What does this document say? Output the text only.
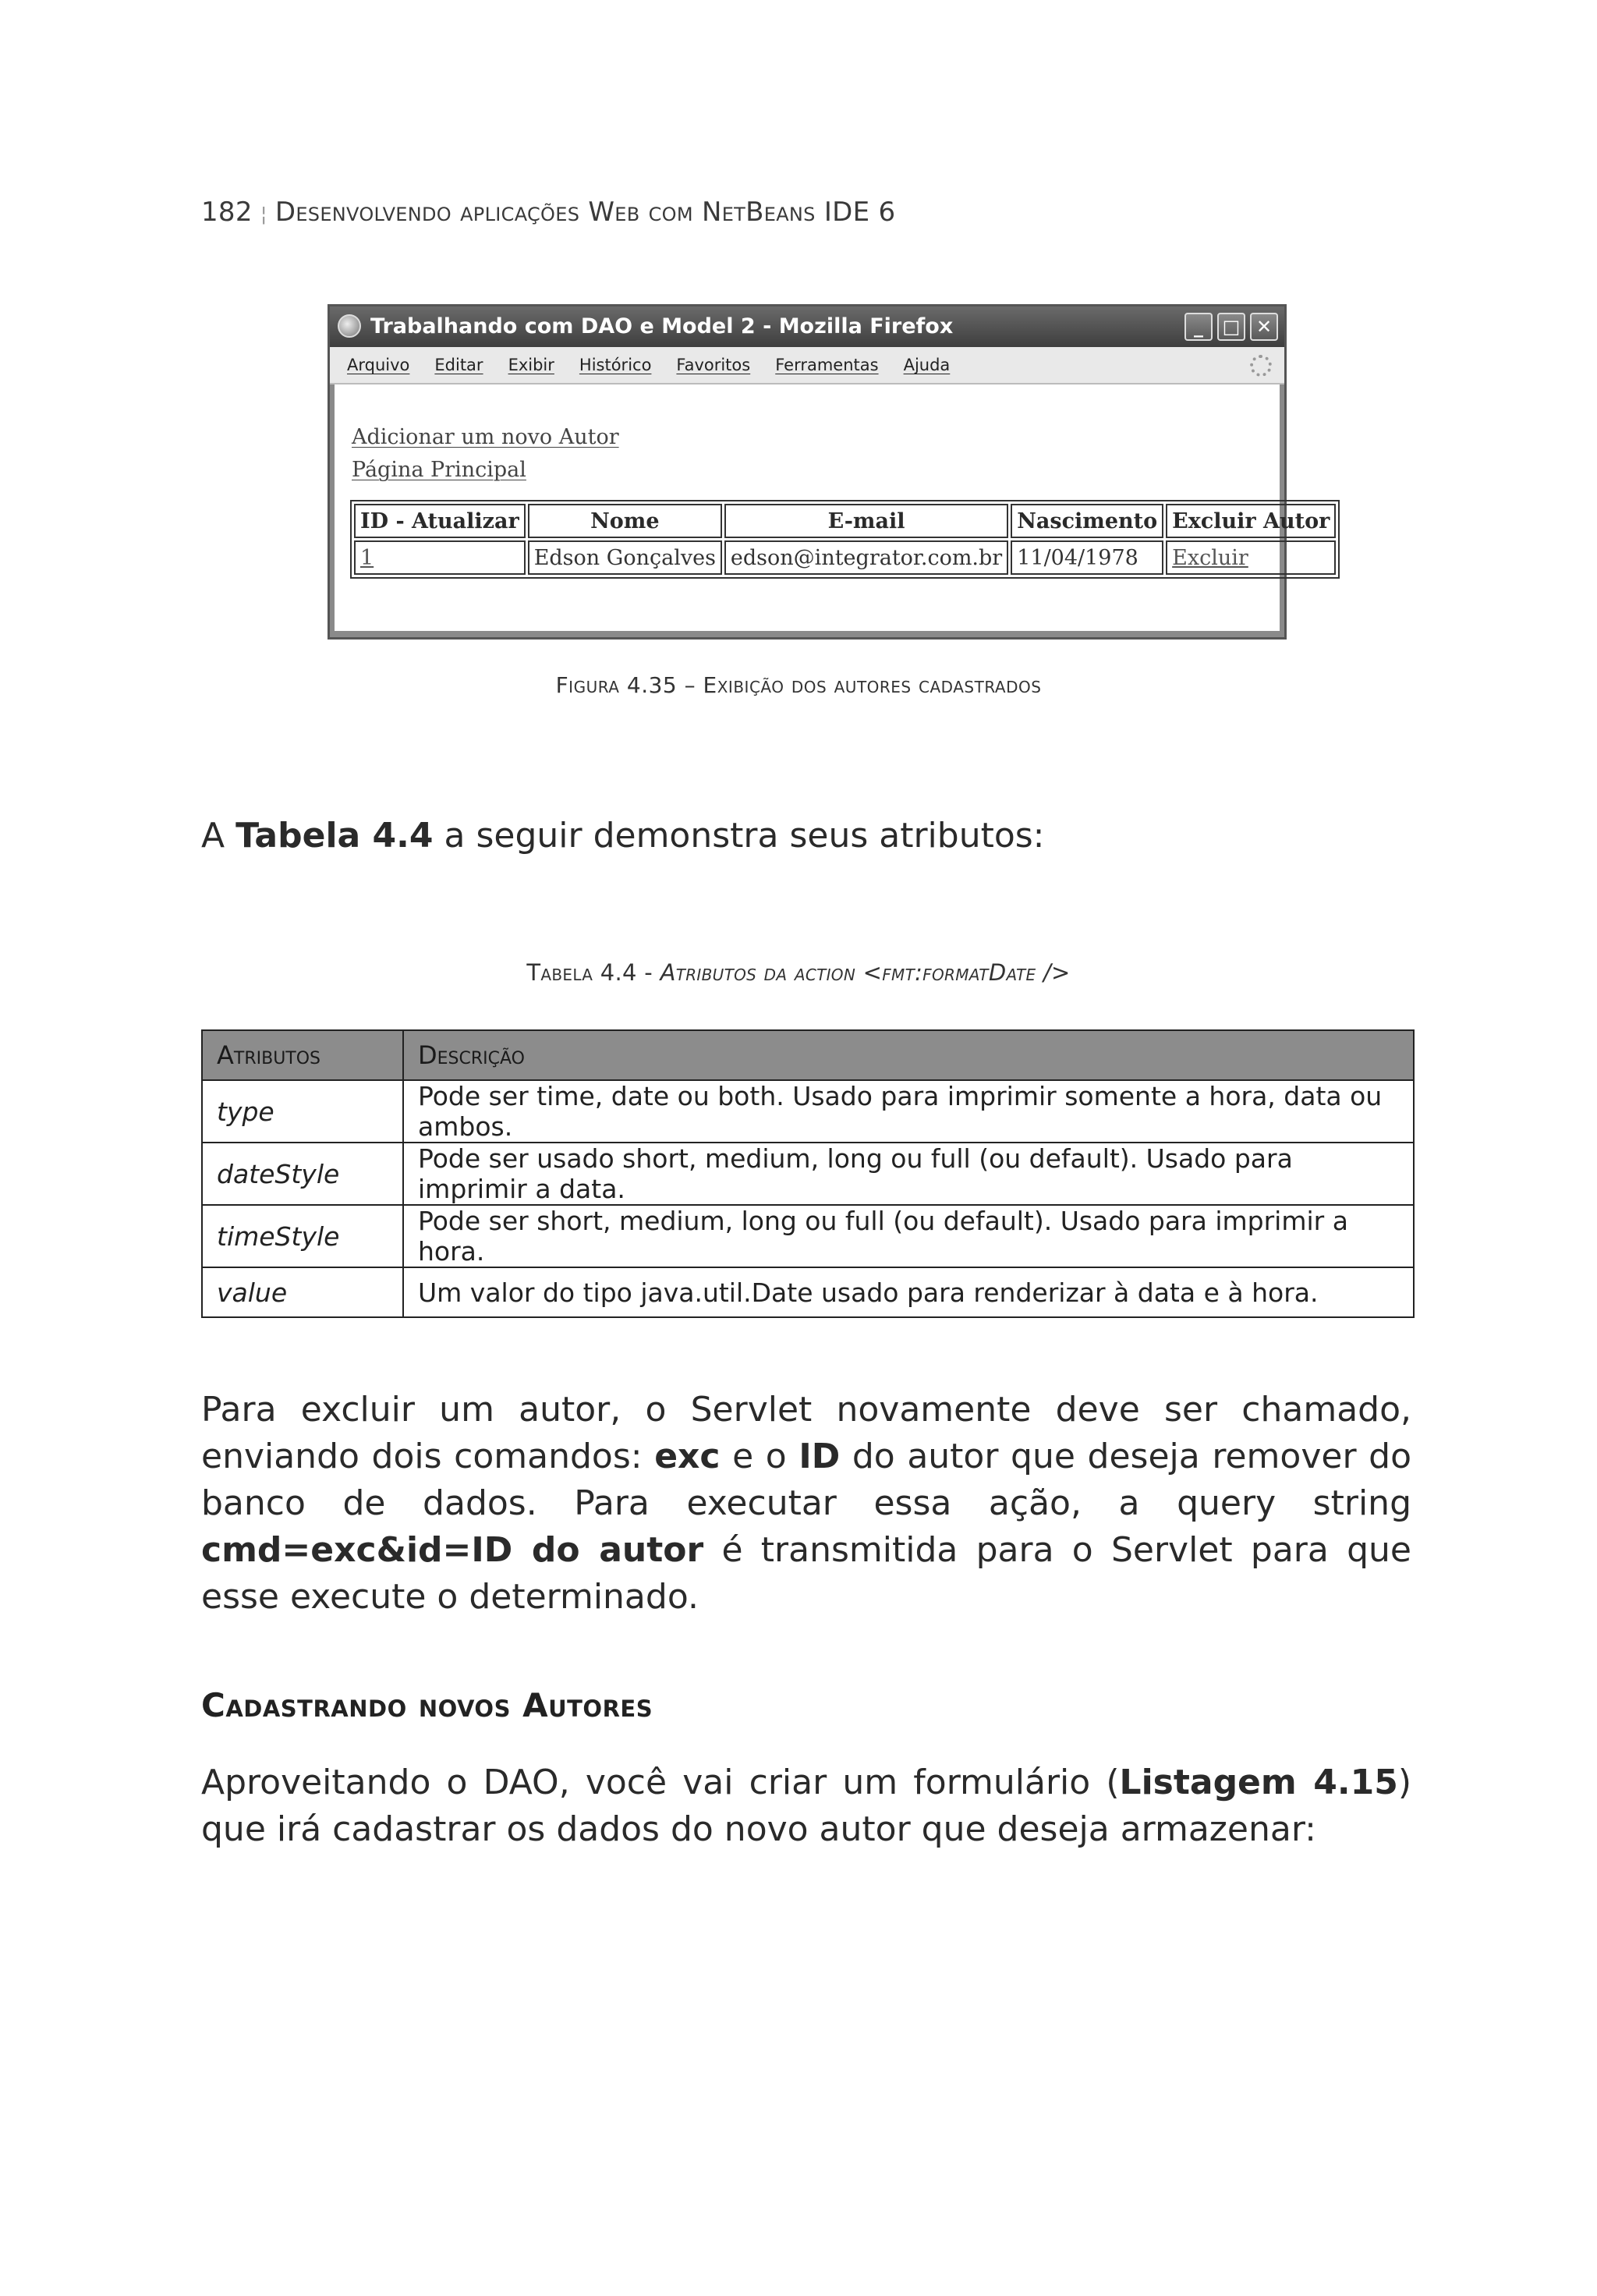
182 ¦ Desenvolvendo aplicações Web com NetBeans IDE 6
Trabalhando com DAO e Model 2 - Mozilla Firefox	_	□ ✕
Arquivo Editar Exibir Histórico Favoritos Ferramentas Ajuda
Adicionar um novo Autor
Página Principal
ID - Atualizar	Nome	E-mail	Nascimento	Excluir Autor
1	Edson Gonçalves	edson@integrator.com.br	11/04/1978	Excluir
Figura 4.35 – Exibição dos autores cadastrados
A Tabela 4.4 a seguir demonstra seus atributos:
Tabela 4.4 - Atributos da action <fmt:formatDate />
Atributos	Descrição
type	Pode ser time, date ou both. Usado para imprimir somente a hora, data ou ambos.
dateStyle	Pode ser usado short, medium, long ou full (ou default). Usado para imprimir a data.
timeStyle	Pode ser short, medium, long ou full (ou default). Usado para imprimir a hora.
value	Um valor do tipo java.util.Date usado para renderizar à data e à hora.
Para excluir um autor, o Servlet novamente deve ser chamado, enviando dois comandos: exc e o ID do autor que deseja remover do banco de dados. Para executar essa ação, a query string cmd=exc&id=ID do autor é transmitida para o Servlet para que esse execute o determinado.
Cadastrando novos Autores
Aproveitando o DAO, você vai criar um formulário (Listagem 4.15) que irá cadastrar os dados do novo autor que deseja armazenar:
